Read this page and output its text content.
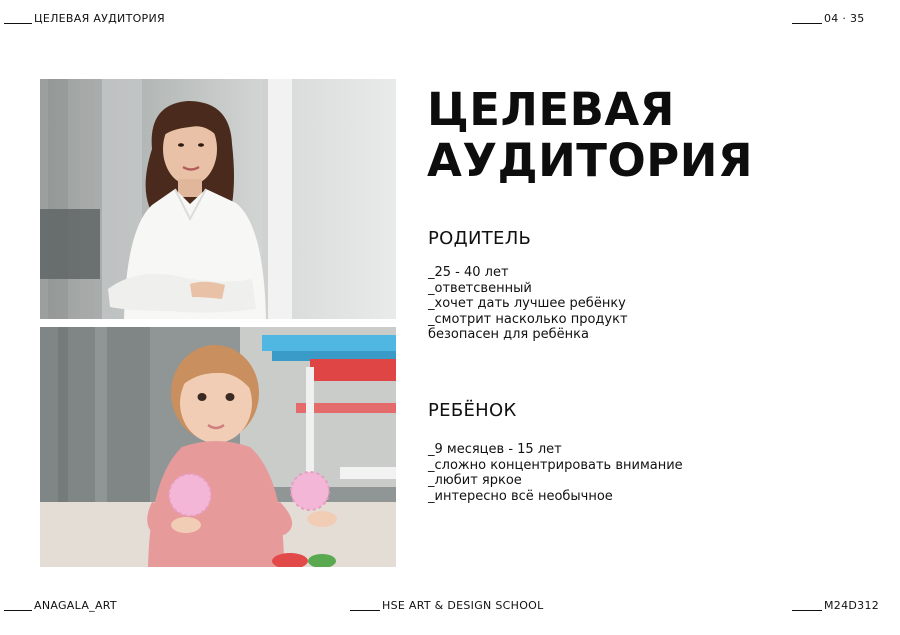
ЦЕЛЕВАЯ АУДИТОРИЯ	04 · 35
ЦЕЛЕВАЯ
АУДИТОРИЯ
РОДИТЕЛЬ
_25 - 40 лет
_ответсвенный
_хочет дать лучшее ребёнку
_смотрит насколько продукт
безопасен для ребёнка
РЕБЁНОК
_9 месяцев - 15 лет
_сложно концентрировать внимание
_любит яркое
_интересно всё необычное
ANAGALA_ART	HSE ART & DESIGN SCHOOL	M24D312
